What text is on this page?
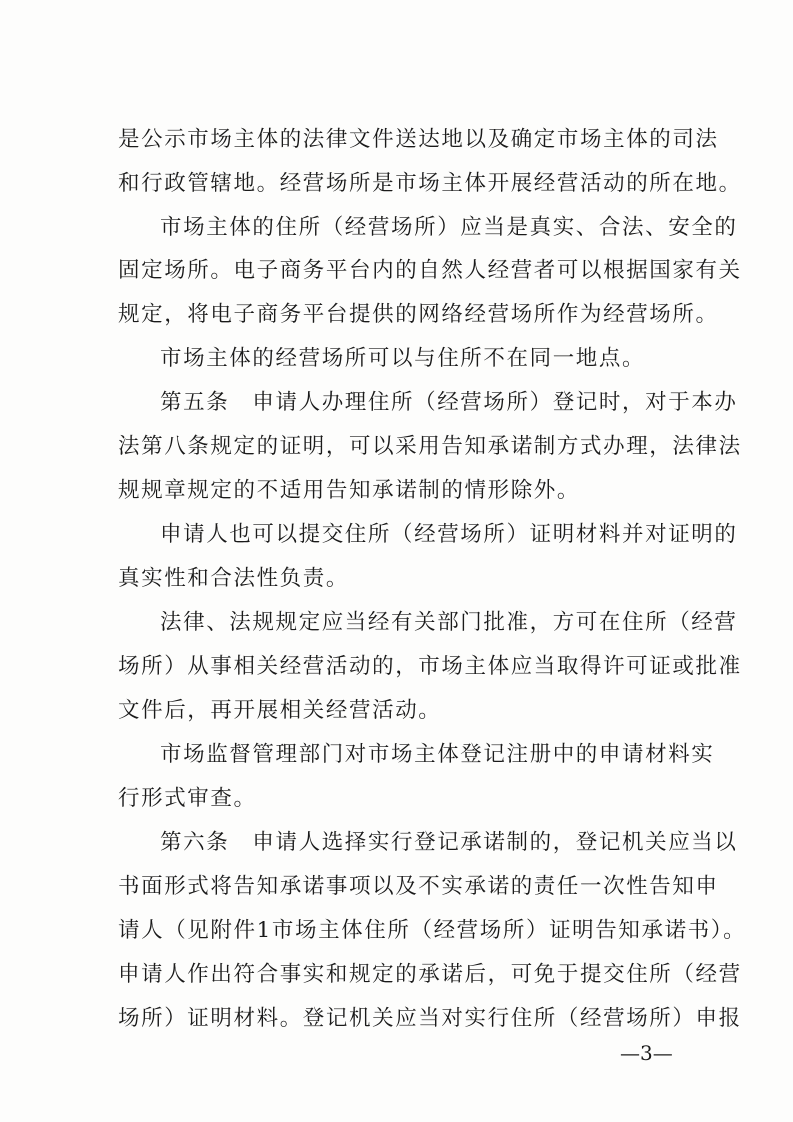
是公示市场主体的法律文件送达地以及确定市场主体的司法
和行政管辖地。经营场所是市场主体开展经营活动的所在地。
市场主体的住所（经营场所）应当是真实、合法、安全的
固定场所。电子商务平台内的自然人经营者可以根据国家有关
规定，将电子商务平台提供的网络经营场所作为经营场所。
市场主体的经营场所可以与住所不在同一地点。
第五条　申请人办理住所（经营场所）登记时，对于本办
法第八条规定的证明，可以采用告知承诺制方式办理，法律法
规规章规定的不适用告知承诺制的情形除外。
申请人也可以提交住所（经营场所）证明材料并对证明的
真实性和合法性负责。
法律、法规规定应当经有关部门批准，方可在住所（经营
场所）从事相关经营活动的，市场主体应当取得许可证或批准
文件后，再开展相关经营活动。
市场监督管理部门对市场主体登记注册中的申请材料实
行形式审查。
第六条　申请人选择实行登记承诺制的，登记机关应当以
书面形式将告知承诺事项以及不实承诺的责任一次性告知申
请人（见附件1市场主体住所（经营场所）证明告知承诺书）。
申请人作出符合事实和规定的承诺后，可免于提交住所（经营
场所）证明材料。登记机关应当对实行住所（经营场所）申报
—3—
